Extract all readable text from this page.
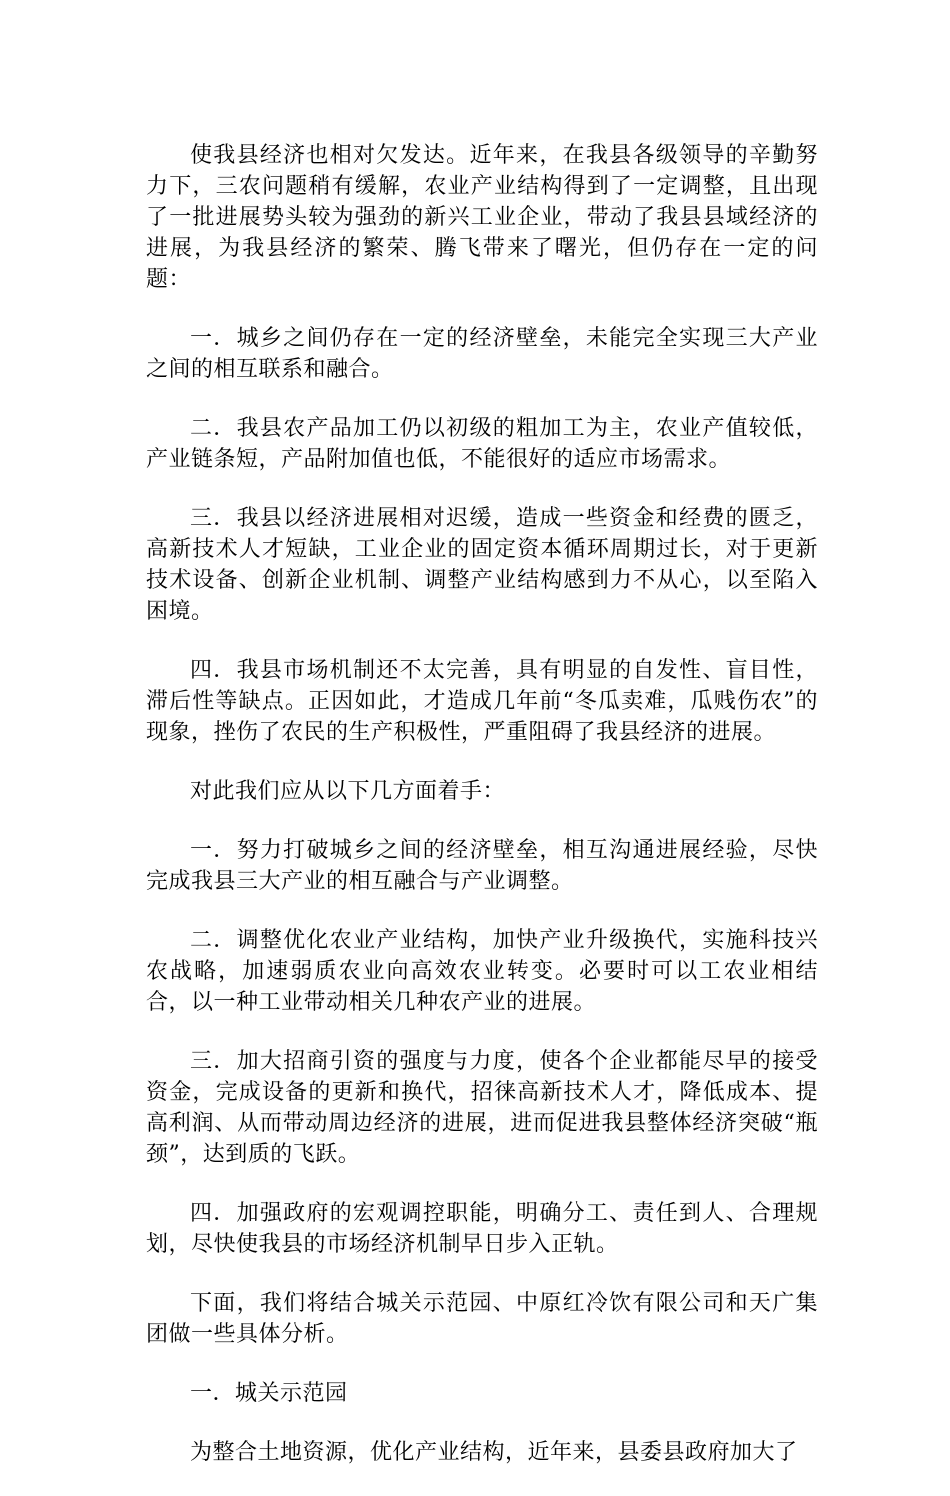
使我县经济也相对欠发达。近年来，在我县各级领导的辛勤努力下，三农问题稍有缓解，农业产业结构得到了一定调整，且出现了一批进展势头较为强劲的新兴工业企业，带动了我县县域经济的进展，为我县经济的繁荣、腾飞带来了曙光，但仍存在一定的问题：

一．城乡之间仍存在一定的经济壁垒，未能完全实现三大产业之间的相互联系和融合。

二．我县农产品加工仍以初级的粗加工为主，农业产值较低，产业链条短，产品附加值也低，不能很好的适应市场需求。

三．我县以经济进展相对迟缓，造成一些资金和经费的匮乏，高新技术人才短缺，工业企业的固定资本循环周期过长，对于更新技术设备、创新企业机制、调整产业结构感到力不从心，以至陷入困境。

四．我县市场机制还不太完善，具有明显的自发性、盲目性，滞后性等缺点。正因如此，才造成几年前“冬瓜卖难，瓜贱伤农”的现象，挫伤了农民的生产积极性，严重阻碍了我县经济的进展。

对此我们应从以下几方面着手：

一．努力打破城乡之间的经济壁垒，相互沟通进展经验，尽快完成我县三大产业的相互融合与产业调整。

二．调整优化农业产业结构，加快产业升级换代，实施科技兴农战略，加速弱质农业向高效农业转变。必要时可以工农业相结合，以一种工业带动相关几种农产业的进展。

三．加大招商引资的强度与力度，使各个企业都能尽早的接受资金，完成设备的更新和换代，招徕高新技术人才，降低成本、提高利润、从而带动周边经济的进展，进而促进我县整体经济突破“瓶颈”，达到质的飞跃。

四．加强政府的宏观调控职能，明确分工、责任到人、合理规划，尽快使我县的市场经济机制早日步入正轨。

下面，我们将结合城关示范园、中原红冷饮有限公司和天广集团做一些具体分析。

一．城关示范园

为整合土地资源，优化产业结构，近年来，县委县政府加大了
